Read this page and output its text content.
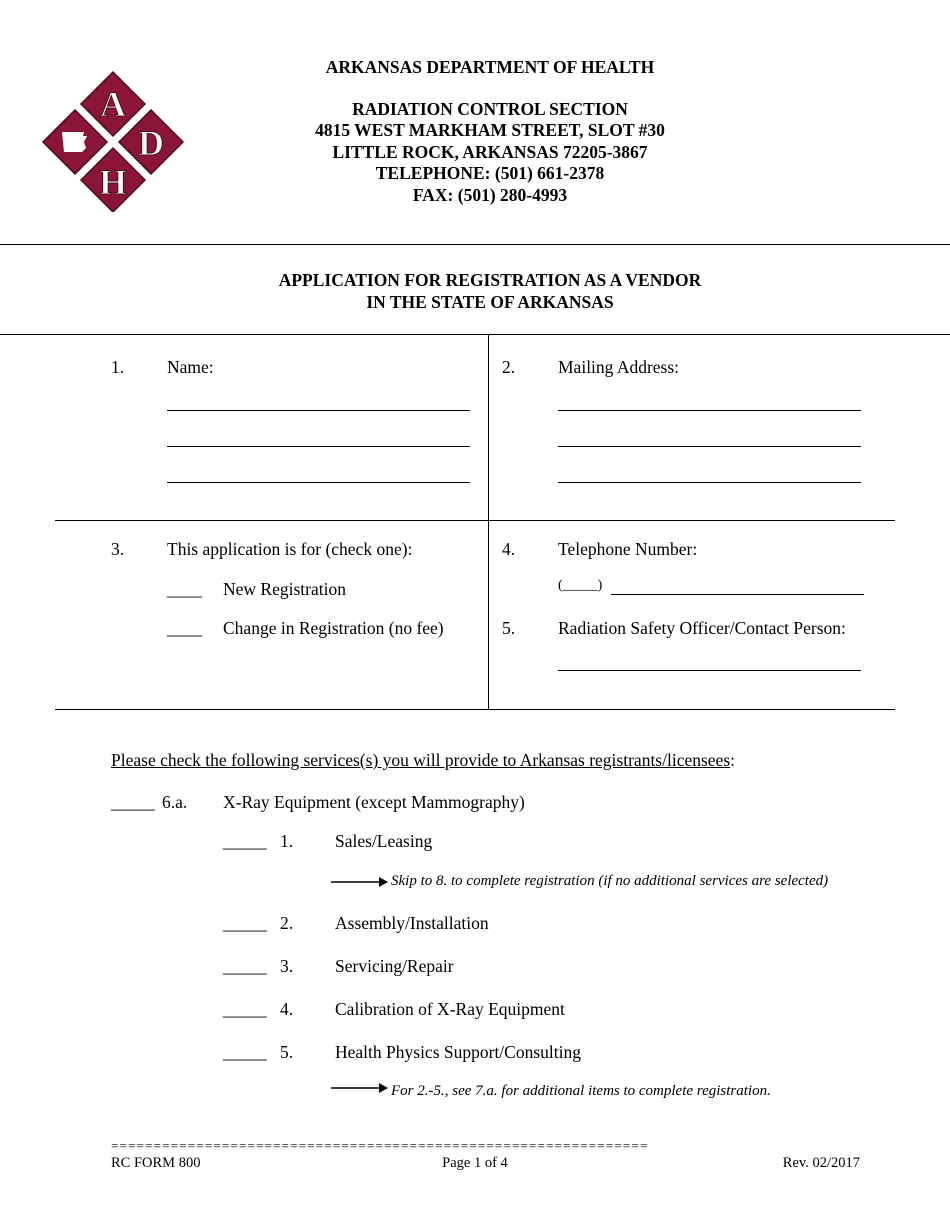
A
D
H
ARKANSAS DEPARTMENT OF HEALTH
RADIATION CONTROL SECTION
4815 WEST MARKHAM STREET, SLOT #30
LITTLE ROCK, ARKANSAS 72205-3867
TELEPHONE: (501) 661-2378
FAX: (501) 280-4993
APPLICATION FOR REGISTRATION AS A VENDOR
IN THE STATE OF ARKANSAS
1. Name:	2. Mailing Address:
3. This application is for (check one):
____ New Registration
____ Change in Registration (no fee)
4. Telephone Number:
(_____)
5. Radiation Safety Officer/Contact Person:
Please check the following services(s) you will provide to Arkansas registrants/licensees:
_____ 6.a. X-Ray Equipment (except Mammography)
_____ 1. Sales/Leasing
Skip to 8. to complete registration (if no additional services are selected)
_____ 2. Assembly/Installation
_____ 3. Servicing/Repair
_____ 4. Calibration of X-Ray Equipment
_____ 5. Health Physics Support/Consulting
For 2.-5., see 7.a. for additional items to complete registration.
===============================================================
RC FORM 800	Page 1 of 4	Rev. 02/2017
